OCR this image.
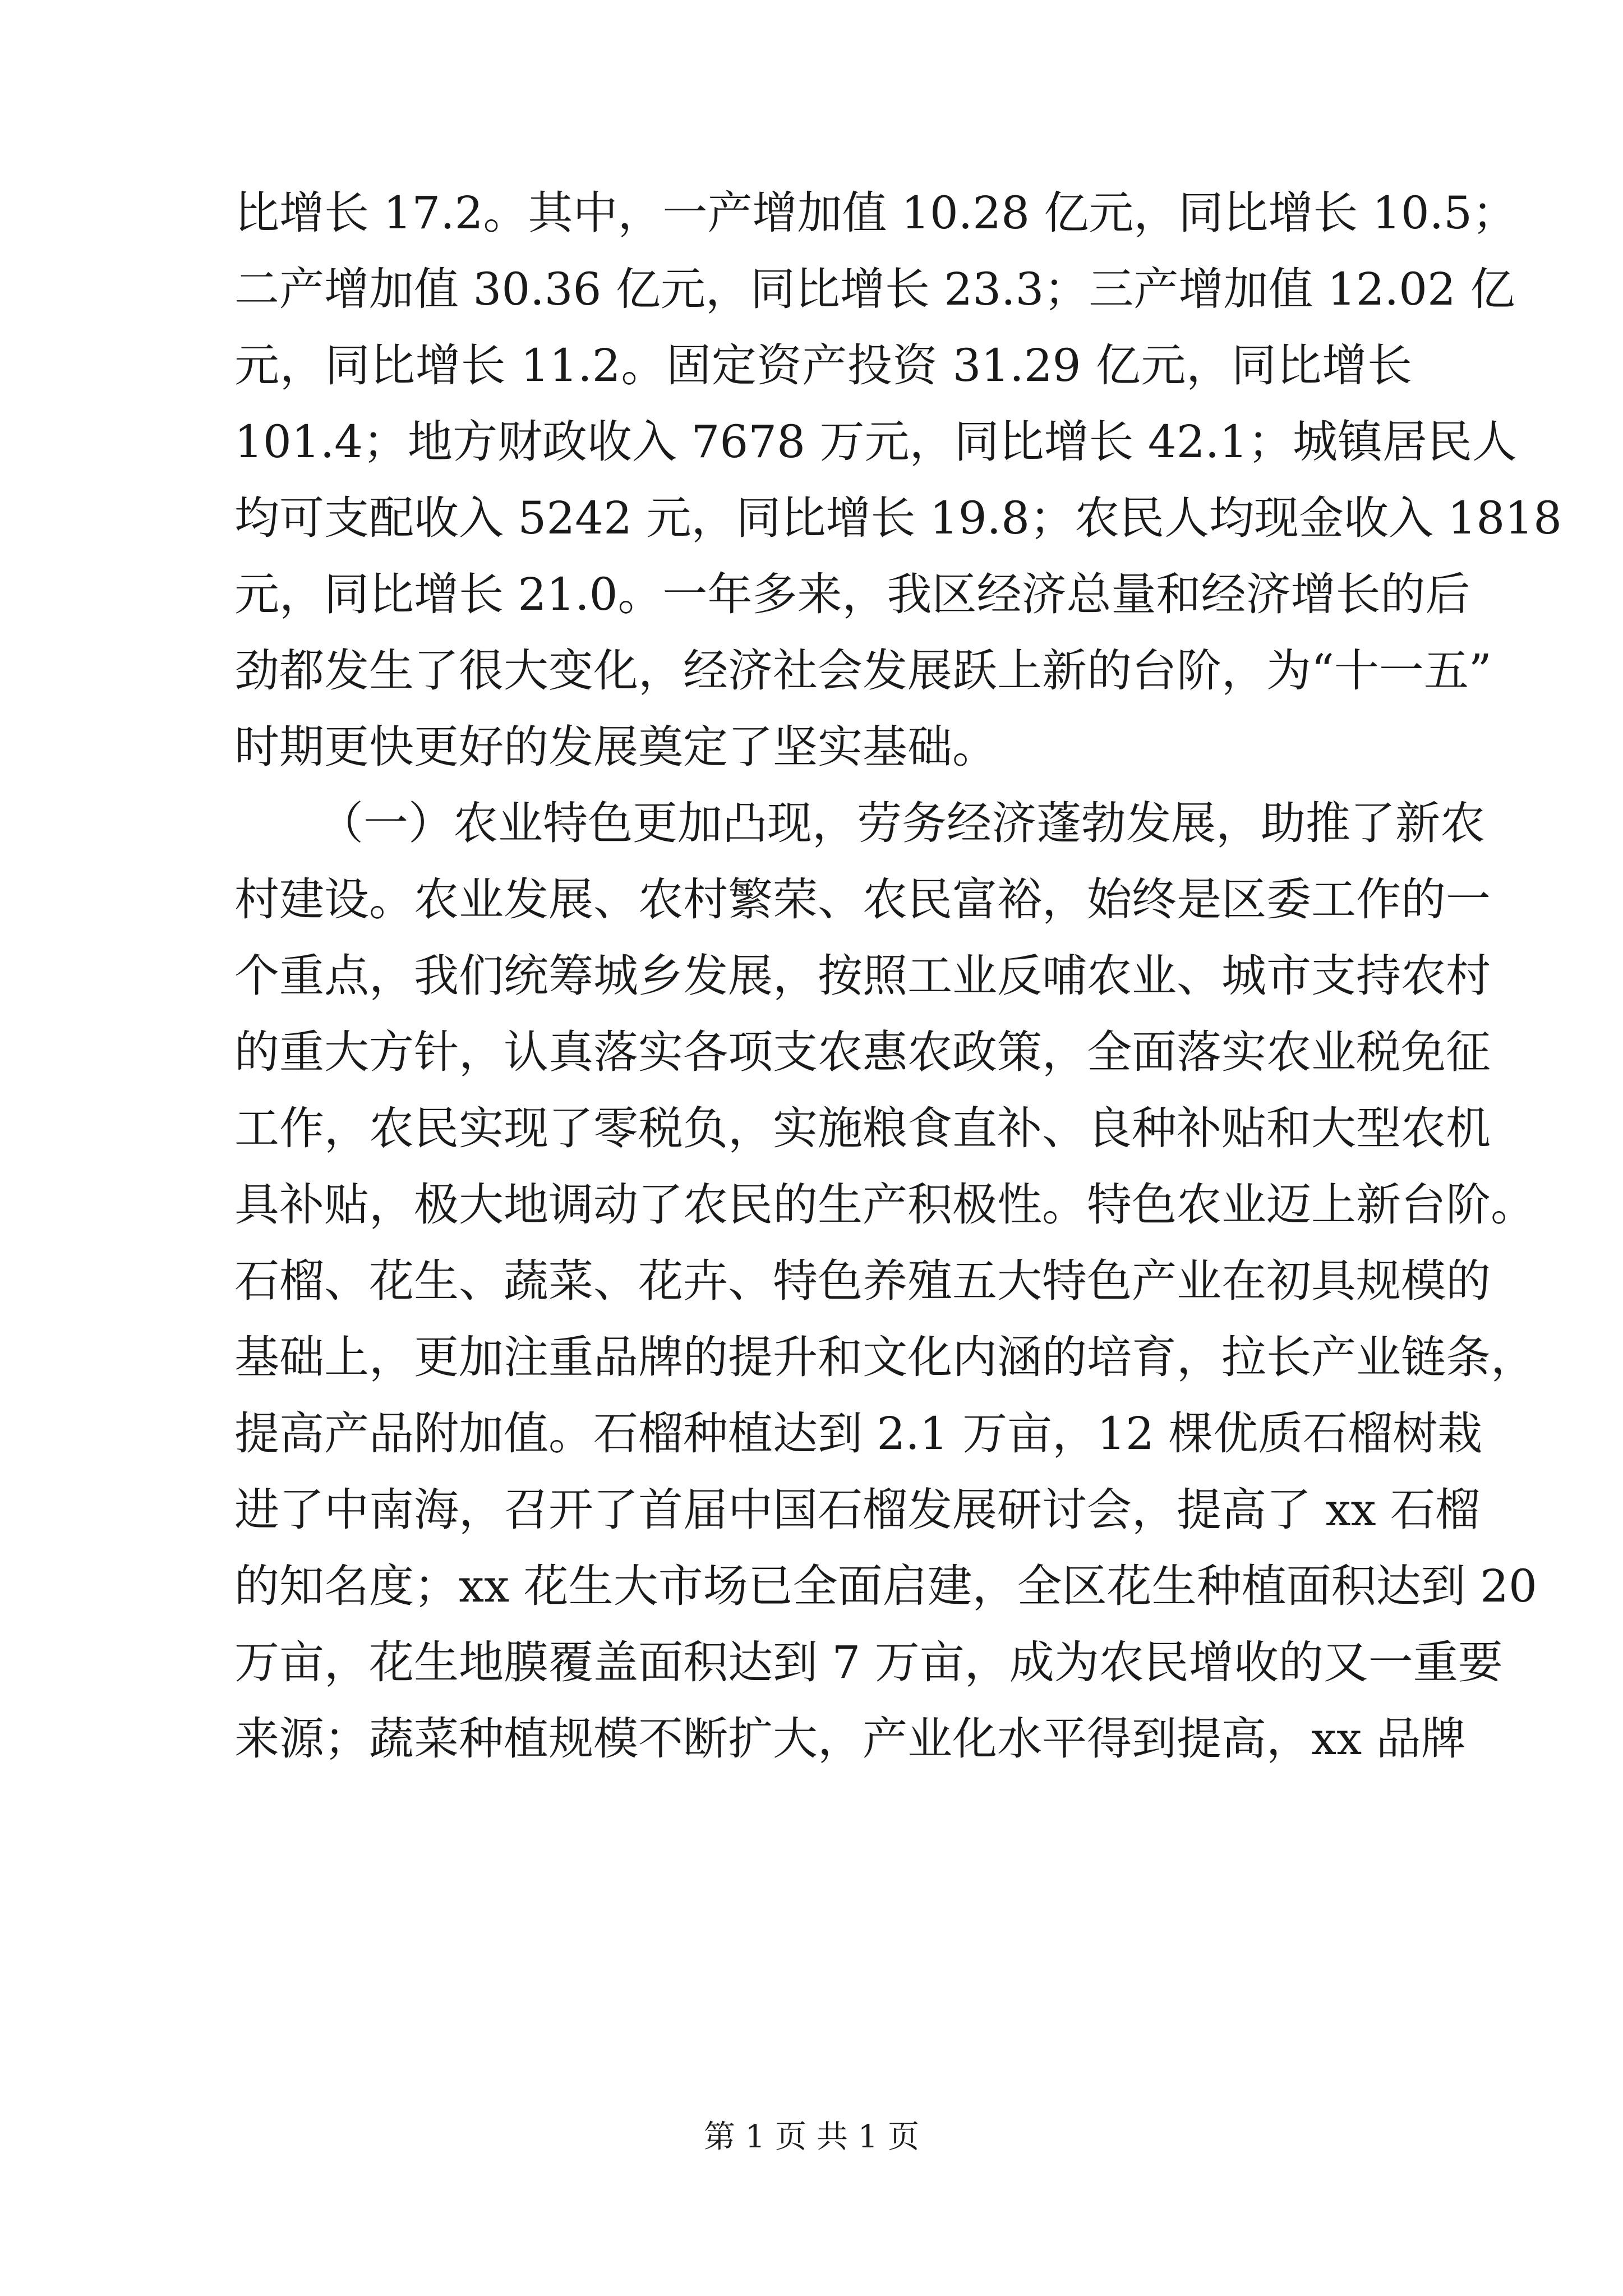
比增长 17.2。其中，一产增加值 10.28 亿元，同比增长 10.5；
二产增加值 30.36 亿元，同比增长 23.3；三产增加值 12.02 亿
元，同比增长 11.2。固定资产投资 31.29 亿元，同比增长
101.4；地方财政收入 7678 万元，同比增长 42.1；城镇居民人
均可支配收入 5242 元，同比增长 19.8；农民人均现金收入 1818
元，同比增长 21.0。一年多来，我区经济总量和经济增长的后
劲都发生了很大变化，经济社会发展跃上新的台阶，为“十一五”
时期更快更好的发展奠定了坚实基础。
（一）农业特色更加凸现，劳务经济蓬勃发展，助推了新农
村建设。农业发展、农村繁荣、农民富裕，始终是区委工作的一
个重点，我们统筹城乡发展，按照工业反哺农业、城市支持农村
的重大方针，认真落实各项支农惠农政策，全面落实农业税免征
工作，农民实现了零税负，实施粮食直补、良种补贴和大型农机
具补贴，极大地调动了农民的生产积极性。特色农业迈上新台阶。
石榴、花生、蔬菜、花卉、特色养殖五大特色产业在初具规模的
基础上，更加注重品牌的提升和文化内涵的培育，拉长产业链条，
提高产品附加值。石榴种植达到 2.1 万亩，12 棵优质石榴树栽
进了中南海，召开了首届中国石榴发展研讨会，提高了 xx 石榴
的知名度；xx 花生大市场已全面启建，全区花生种植面积达到 20
万亩，花生地膜覆盖面积达到 7 万亩，成为农民增收的又一重要
来源；蔬菜种植规模不断扩大，产业化水平得到提高，xx 品牌
第 1 页 共 1 页
